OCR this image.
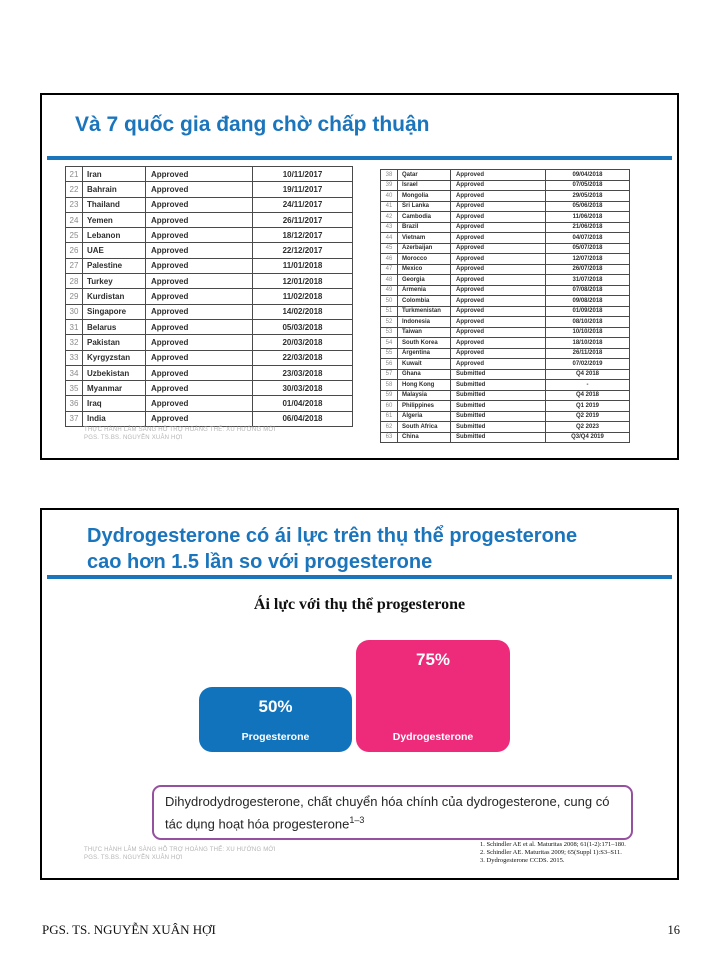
Và 7 quốc gia đang chờ chấp thuận
21	Iran	Approved	10/11/2017
22	Bahrain	Approved	19/11/2017
23	Thailand	Approved	24/11/2017
24	Yemen	Approved	26/11/2017
25	Lebanon	Approved	18/12/2017
26	UAE	Approved	22/12/2017
27	Palestine	Approved	11/01/2018
28	Turkey	Approved	12/01/2018
29	Kurdistan	Approved	11/02/2018
30	Singapore	Approved	14/02/2018
31	Belarus	Approved	05/03/2018
32	Pakistan	Approved	20/03/2018
33	Kyrgyzstan	Approved	22/03/2018
34	Uzbekistan	Approved	23/03/2018
35	Myanmar	Approved	30/03/2018
36	Iraq	Approved	01/04/2018
37	India	Approved	06/04/2018
38	Qatar	Approved	09/04/2018
39	Israel	Approved	07/05/2018
40	Mongolia	Approved	29/05/2018
41	Sri Lanka	Approved	05/06/2018
42	Cambodia	Approved	11/06/2018
43	Brazil	Approved	21/06/2018
44	Vietnam	Approved	04/07/2018
45	Azerbaijan	Approved	05/07/2018
46	Morocco	Approved	12/07/2018
47	Mexico	Approved	26/07/2018
48	Georgia	Approved	31/07/2018
49	Armenia	Approved	07/08/2018
50	Colombia	Approved	09/08/2018
51	Turkmenistan	Approved	01/09/2018
52	Indonesia	Approved	08/10/2018
53	Taiwan	Approved	10/10/2018
54	South Korea	Approved	18/10/2018
55	Argentina	Approved	26/11/2018
56	Kuwait	Approved	07/02/2019
57	Ghana	Submitted	Q4 2018
58	Hong Kong	Submitted	-
59	Malaysia	Submitted	Q4 2018
60	Philippines	Submitted	Q1 2019
61	Algeria	Submitted	Q2 2019
62	South Africa	Submitted	Q2 2023
63	China	Submitted	Q3/Q4 2019
THỰC HÀNH LÂM SÀNG HỖ TRỢ HOÀNG THỂ: XU HƯỚNG MỚI
PGS. TS.BS. NGUYỄN XUÂN HỢI
Dydrogesterone có ái lực trên thụ thể progesterone
cao hơn 1.5 lần so với progesterone
Ái lực với thụ thể progesterone
50%
Progesterone
75%
Dydrogesterone
Dihydrodydrogesterone, chất chuyển hóa chính của dydrogesterone, cung có tác dụng hoạt hóa progesterone$^{1-3}$
1. Schindler AE et al. Maturitas 2008; 61(1-2):171–180.
2. Schindler AE. Maturitas 2009; 65(Suppl 1):S3–S11.
3. Dydrogesterone CCDS. 2015.
THỰC HÀNH LÂM SÀNG HỖ TRỢ HOÀNG THỂ: XU HƯỚNG MỚI
PGS. TS.BS. NGUYỄN XUÂN HỢI
PGS. TS. NGUYỄN XUÂN HỢI	16
